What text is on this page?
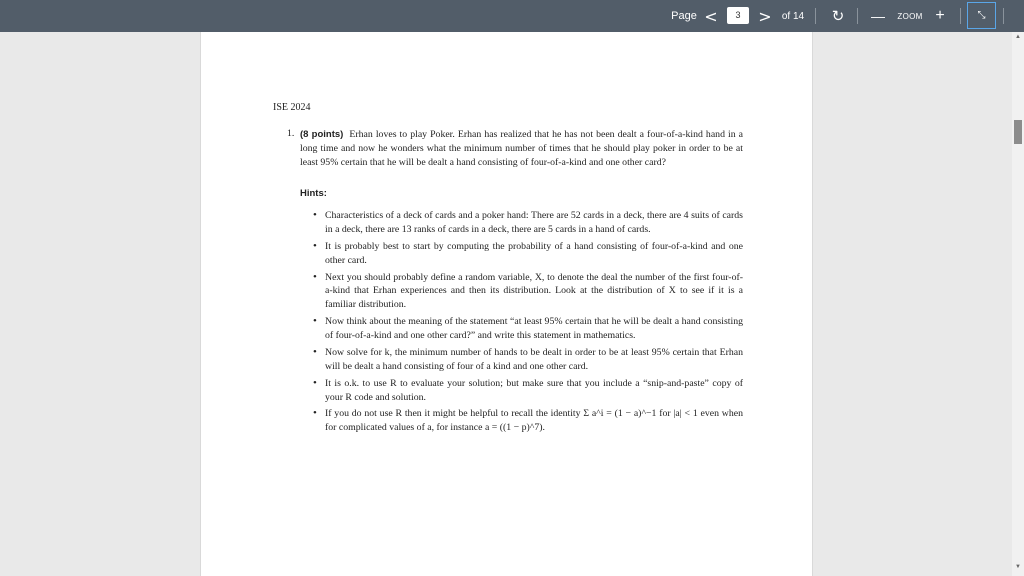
Page <	3	>	of 14 ↻ —	ZOOM +	⤡
ISE 2024
1. (8 points) Erhan loves to play Poker. Erhan has realized that he has not been dealt a four-of-a-kind hand in a long time and now he wonders what the minimum number of times that he should play poker in order to be at least 95% certain that he will be dealt a hand consisting of four-of-a-kind and one other card?
Hints:
• Characteristics of a deck of cards and a poker hand: There are 52 cards in a deck, there are 4 suits of cards in a deck, there are 13 ranks of cards in a deck, there are 5 cards in a hand of cards.
• It is probably best to start by computing the probability of a hand consisting of four-of-a-kind and one other card.
• Next you should probably define a random variable, X, to denote the deal the number of the first four-of-a-kind that Erhan experiences and then its distribution. Look at the distribution of X to see if it is a familiar distribution.
• Now think about the meaning of the statement “at least 95% certain that he will be dealt a hand consisting of four-of-a-kind and one other card?” and write this statement in mathematics.
• Now solve for k, the minimum number of hands to be dealt in order to be at least 95% certain that Erhan will be dealt a hand consisting of four of a kind and one other card.
• It is o.k. to use R to evaluate your solution; but make sure that you include a “snip-and-paste” copy of your R code and solution.
• If you do not use R then it might be helpful to recall the identity Σ a^i = (1 − a)^−1 for |a| < 1 even when for complicated values of a, for instance a = ((1 − p)^7).
▲
▼
